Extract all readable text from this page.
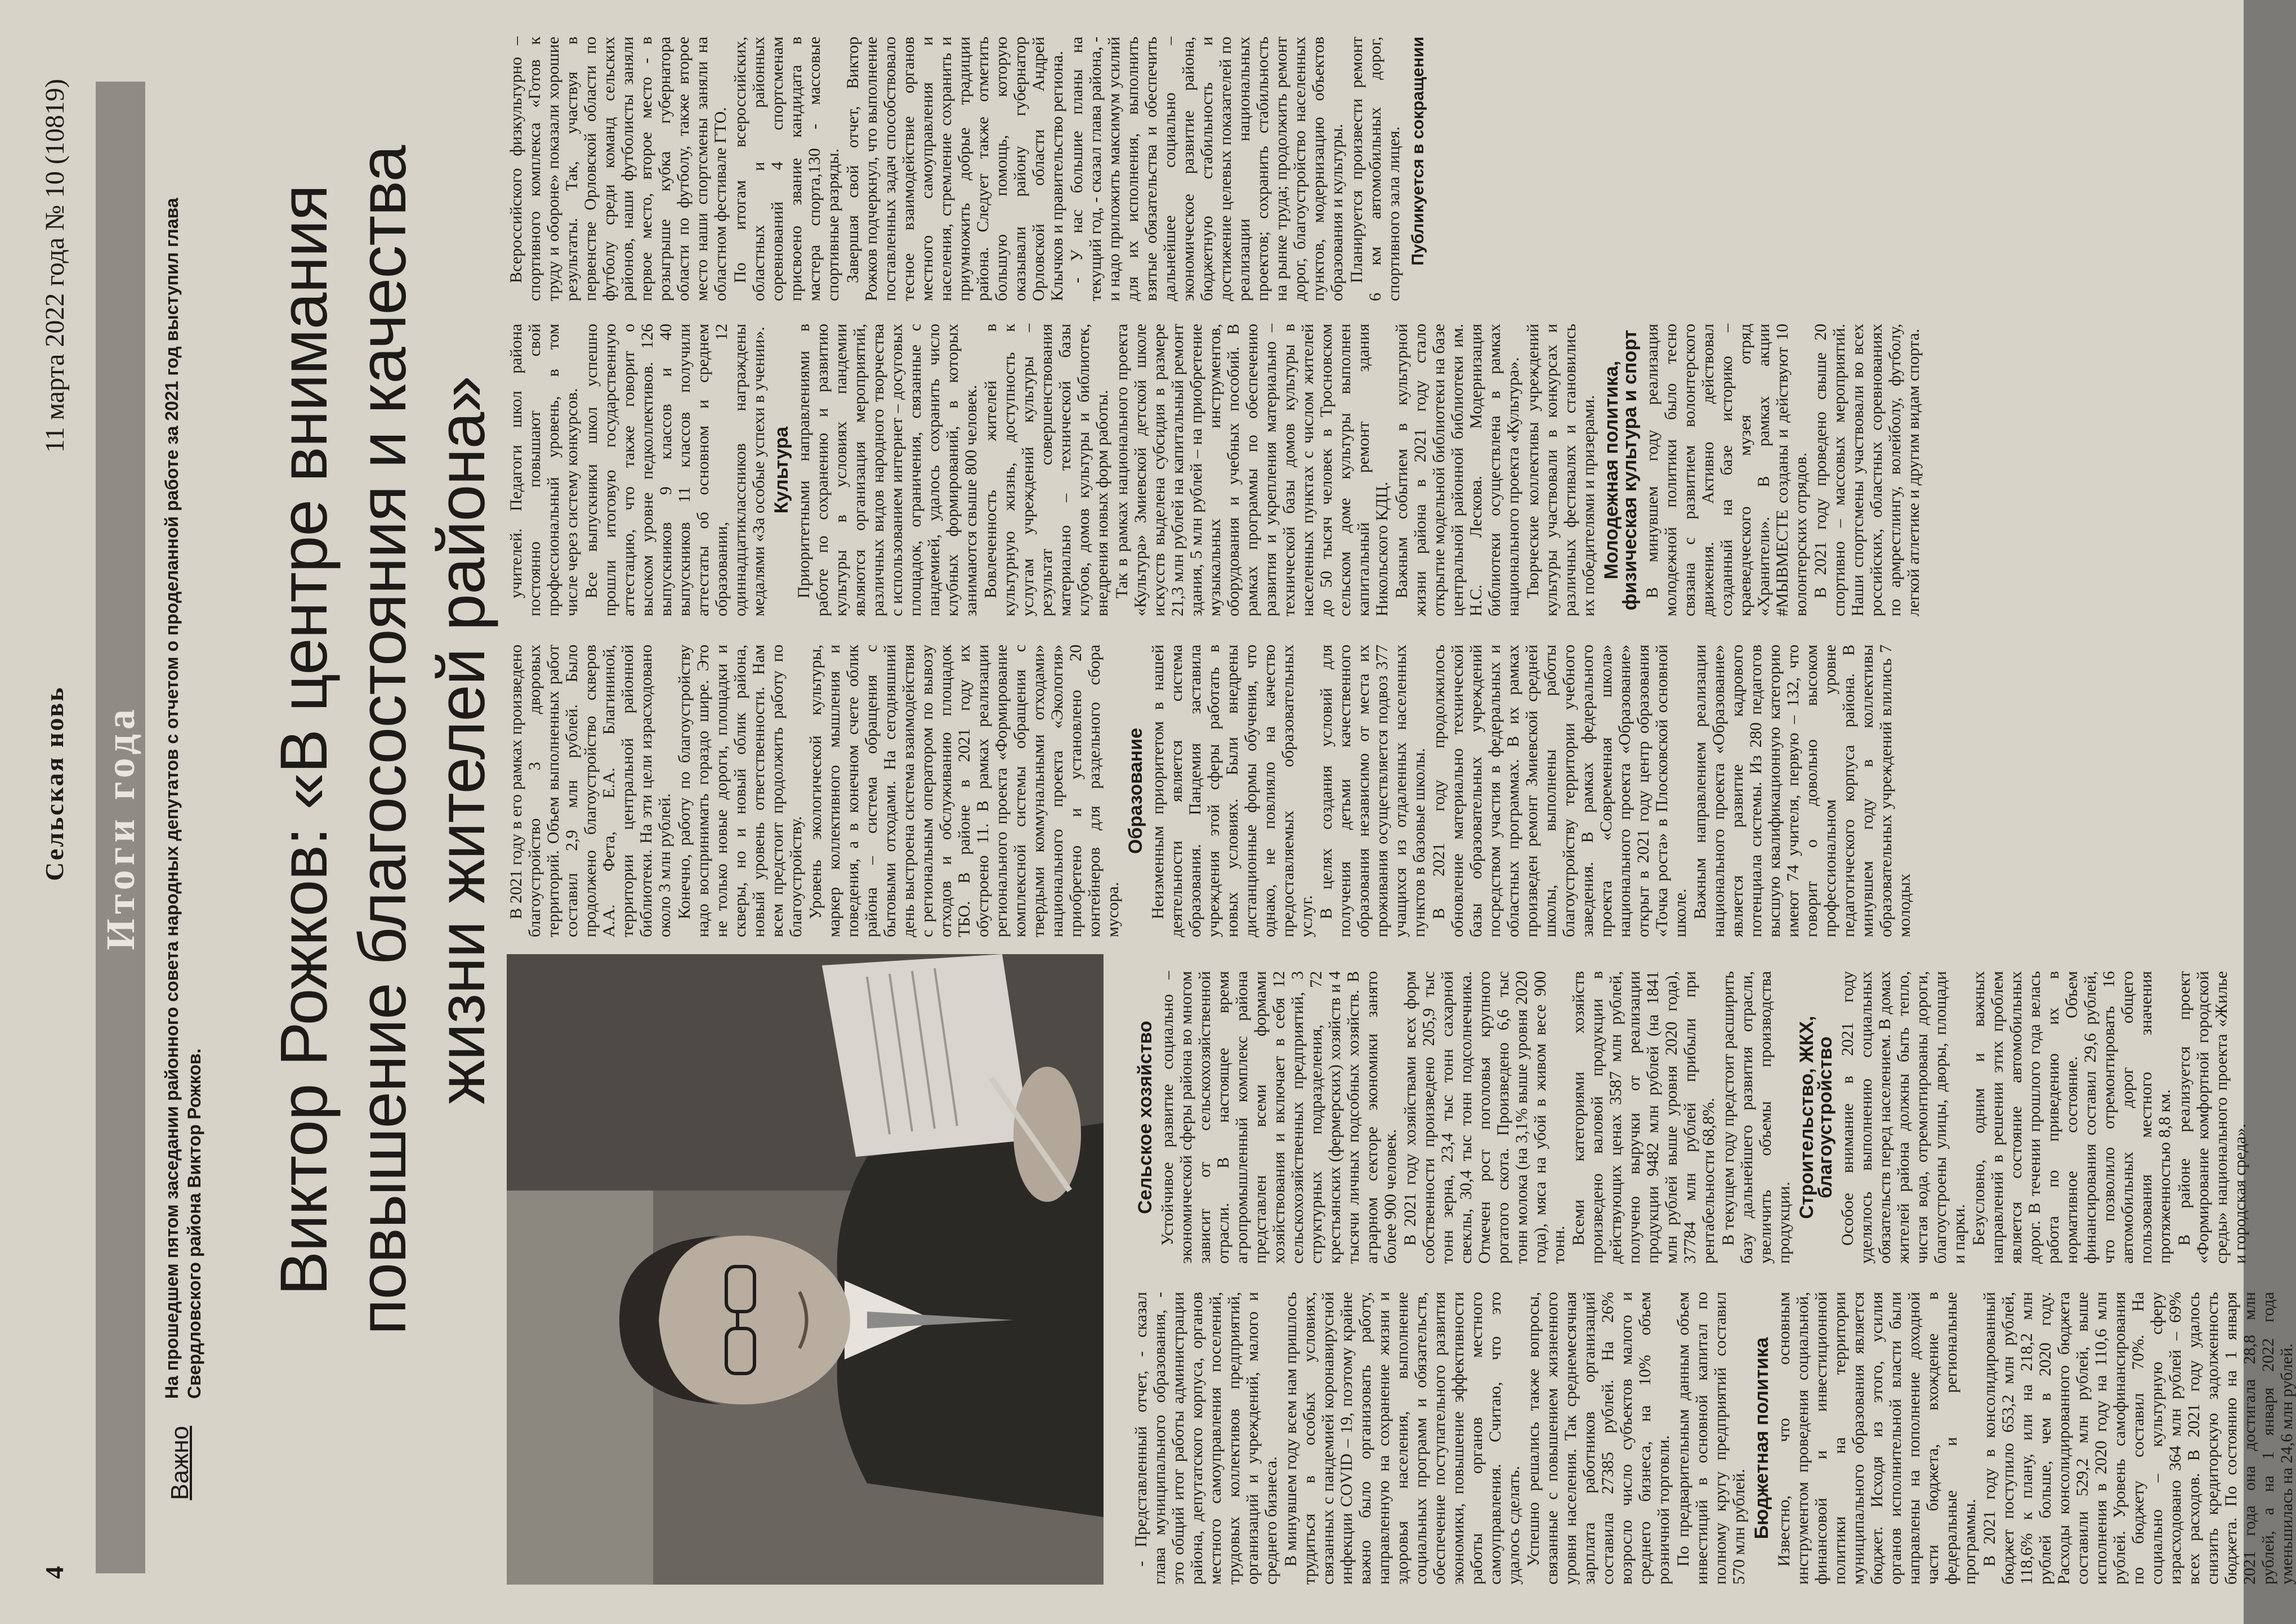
4
Сельская новь
11 марта 2022 года № 10 (10819)
Итоги года
Важно
На прошедшем пятом заседании районного совета народных депутатов с отчетом о проделанной работе за 2021 год выступил глава Свердловского района Виктор Рожков. Виктор Рожков: «В центре внимания повышение благосостояния и качества жизни жителей района»

- Представленный отчет, - сказал глава муниципального образования, - это общий итог работы администрации района, депутатского корпуса, органов местного самоуправления поселений, трудовых коллективов предприятий, организаций и учреждений, малого и среднего бизнеса. В минувшем году всем нам пришлось трудиться в особых условиях, связанных с пандемией коронавирусной инфекции COVID – 19, поэтому крайне важно было организовать работу, направленную на сохранение жизни и здоровья населения, выполнение социальных программ и обязательств, обеспечение поступательного развития экономики, повышение эффективности работы органов местного самоуправления. Считаю, что это удалось сделать. Успешно решались также вопросы, связанные с повышением жизненного уровня населения. Так среднемесячная зарплата работников организаций составила 27385 рублей. На 26% возросло число субъектов малого и среднего бизнеса, на 10% объем розничной торговли. По предварительным данным объем инвестиций в основной капитал по полному кругу предприятий составил 570 млн рублей. Бюджетная политика Известно, что основным инструментом проведения социальной, финансовой и инвестиционной политики на территории муниципального образования является бюджет. Исходя из этого, усилия органов исполнительной власти были направлены на пополнение доходной части бюджета, вхождение в федеральные и региональные программы. В 2021 году в консолидированный бюджет поступило 653,2 млн рублей, 118,6% к плану, или на 218,2 млн рублей больше, чем в 2020 году. Расходы консолидированного бюджета составили 529,2 млн рублей, выше исполнения в 2020 году на 110,6 млн рублей. Уровень самофинансирования по бюджету составил 70%. На социально – культурную сферу израсходовано 364 млн рублей – 69% всех расходов. В 2021 году удалось снизить кредиторскую задолженность бюджета. По состоянию на 1 января 2021 года она достигала 28,8 млн рублей, а на 1 января 2022 года уменьшилась на 24,6 млн рублей.

Сельское хозяйство Устойчивое развитие социально – экономической сферы района во многом зависит от сельскохозяйственной отрасли. В настоящее время агропромышленный комплекс района представлен всеми формами хозяйствования и включает в себя 12 сельскохозяйственных предприятий, 3 структурных подразделения, 72 крестьянских (фермерских) хозяйств и 4 тысячи личных подсобных хозяйств. В аграрном секторе экономики занято более 900 человек. В 2021 году хозяйствами всех форм собственности произведено 205,9 тыс тонн зерна, 23,4 тыс тонн сахарной свеклы, 30,4 тыс тонн подсолнечника. Отмечен рост поголовья крупного рогатого скота. Произведено 6,6 тыс тонн молока (на 3,1% выше уровня 2020 года), мяса на убой в живом весе 900 тонн. Всеми категориями хозяйств произведено валовой продукции в действующих ценах 3587 млн рублей, получено выручки от реализации продукции 9482 млн рублей (на 1841 млн рублей выше уровня 2020 года), 37784 млн рублей прибыли при рентабельности 68,8%. В текущем году предстоит расширить базу дальнейшего развития отрасли, увеличить объемы производства продукции.

Строительство, ЖКХ, благоустройство Особое внимание в 2021 году уделялось выполнению социальных обязательств перед населением. В домах жителей района должны быть тепло, чистая вода, отремонтированы дороги, благоустроены улицы, дворы, площади и парки. Безусловно, одним и важных направлений в решении этих проблем является состояние автомобильных дорог. В течении прошлого года велась работа по приведению их в нормативное состояние. Объем финансирования составил 29,6 рублей, что позволило отремонтировать 16 автомобильных дорог общего пользования местного значения протяженностью 8,8 км. В районе реализуется проект «Формирование комфортной городской среды» национального проекта «Жилье и городская среда».

В 2021 году в его рамках произведено благоустройство 3 дворовых территорий. Объем выполненных работ составил 2,9 млн рублей. Было продолжено благоустройство скверов А.А. Фета, Е.А. Благининой, территории центральной районной библиотеки. На эти цели израсходовано около 3 млн рублей. Конечно, работу по благоустройству надо воспринимать гораздо шире. Это не только новые дороги, площадки и скверы, но и новый облик района, новый уровень ответственности. Нам всем предстоит продолжить работу по благоустройству. Уровень экологической культуры, маркер коллективного мышления и поведения, а в конечном счете облик района – система обращения с бытовыми отходами. На сегодняшний день выстроена система взаимодействия с региональным оператором по вывозу отходов и обслуживанию площадок ТБО. В районе в 2021 году их обустроено 11. В рамках реализации регионального проекта «Формирование комплексной системы обращения с твердыми коммунальными отходами» национального проекта «Экология» приобретено и установлено 20 контейнеров для раздельного сбора мусора.

Образование Неизменным приоритетом в нашей деятельности является система образования. Пандемия заставила учреждения этой сферы работать в новых условиях. Были внедрены дистанционные формы обучения, что однако, не повлияло на качество предоставляемых образовательных услуг. В целях создания условий для получения детьми качественного образования независимо от места их проживания осуществляется подвоз 377 учащихся из отдаленных населенных пунктов в базовые школы. В 2021 году продолжилось обновление материально технической базы образовательных учреждений посредством участия в федеральных и областных программах. В их рамках произведен ремонт Змиевской средней школы, выполнены работы благоустройству территории учебного заведения. В рамках федерального проекта «Современная школа» национального проекта «Образование» открыт в 2021 году центр образования «Точка роста» в Плосковской основной школе. Важным направлением реализации национального проекта «Образование» является развитие кадрового потенциала системы. Из 280 педагогов высшую квалификационную категорию имеют 74 учителя, первую – 132, что говорит о довольно высоком профессиональном уровне педагогического корпуса района. В минувшем году в коллективы образовательных учреждений влились 7 молодых

учителей. Педагоги школ района постоянно повышают свой профессиональный уровень, в том числе через систему конкурсов. Все выпускники школ успешно прошли итоговую государственную аттестацию, что также говорит о высоком уровне педколлективов. 126 выпускников 9 классов и 40 выпускников 11 классов получили аттестаты об основном и среднем образовании, 12 одиннадцатиклассников награждены медалями «За особые успехи в учении». Культура Приоритетными направлениями в работе по сохранению и развитию культуры в условиях пандемии являются организация мероприятий, различных видов народного творчества с использованием интернет – досуговых площадок, ограничения, связанные с пандемией, удалось сохранить число клубных формирований, в которых занимаются свыше 800 человек. Вовлеченность жителей в культурную жизнь, доступность к услугам учреждений культуры – результат совершенствования материально – технической базы клубов, домов культуры и библиотек, внедрения новых форм работы. Так в рамках национального проекта «Культура» Змиевской детской школе искусств выделена субсидия в размере 21,3 млн рублей на капитальный ремонт здания, 5 млн рублей – на приобретение музыкальных инструментов, оборудования и учебных пособий. В рамках программы по обеспечению развития и укрепления материально – технической базы домов культуры в населенных пунктах с числом жителей до 50 тысяч человек в Тросновском сельском доме культуры выполнен капитальный ремонт здания Никольского КДЦ. Важным событием в культурной жизни района в 2021 году стало открытие модельной библиотеки на базе центральной районной библиотеки им. Н.С. Лескова. Модернизация библиотеки осуществлена в рамках национального проекта «Культура». Творческие коллективы учреждений культуры участвовали в конкурсах и различных фестивалях и становились их победителями и призерами. Молодежная политика, физическая культура и спорт В минувшем году реализация молодежной политики было тесно связана с развитием волонтерского движения. Активно действовал созданный на базе историко – краеведческого музея отряд «Хранители». В рамках акции #МЫВМЕСТЕ созданы и действуют 10 волонтерских отрядов. В 2021 году проведено свыше 20 спортивно – массовых мероприятий. Наши спортсмены участвовали во всех российских, областных соревнованиях по армрестлингу, волейболу, футболу, легкой атлетике и другим видам спорта.

Всероссийского физкультурно – спортивного комплекса «Готов к труду и обороне» показали хорошие результаты. Так, участвуя в первенстве Орловской области по футболу среди команд сельских районов, наши футболисты заняли первое место, второе место - в розыгрыше кубка губернатора области по футболу, также второе место наши спортсмены заняли на областном фестивале ГТО. По итогам всероссийских, областных и районных соревнований 4 спортсменам присвоено звание кандидата в мастера спорта,130 - массовые спортивные разряды. Завершая свой отчет, Виктор Рожков подчеркнул, что выполнение поставленных задач способствовало тесное взаимодействие органов местного самоуправления и населения, стремление сохранить и приумножить добрые традиции района. Следует также отметить большую помощь, которую оказывали району губернатор Орловской области Андрей Клычков и правительство региона. - У нас большие планы на текущий год, - сказал глава района, - и надо приложить максимум усилий для их исполнения, выполнить взятые обязательства и обеспечить дальнейшее социально – экономическое развитие района, бюджетную стабильность и достижение целевых показателей по реализации национальных проектов; сохранить стабильность на рынке труда; продолжить ремонт дорог, благоустройство населенных пунктов, модернизацию объектов образования и культуры. Планируется произвести ремонт 6 км автомобильных дорог, спортивного зала лицея. Публикуется в сокращении
